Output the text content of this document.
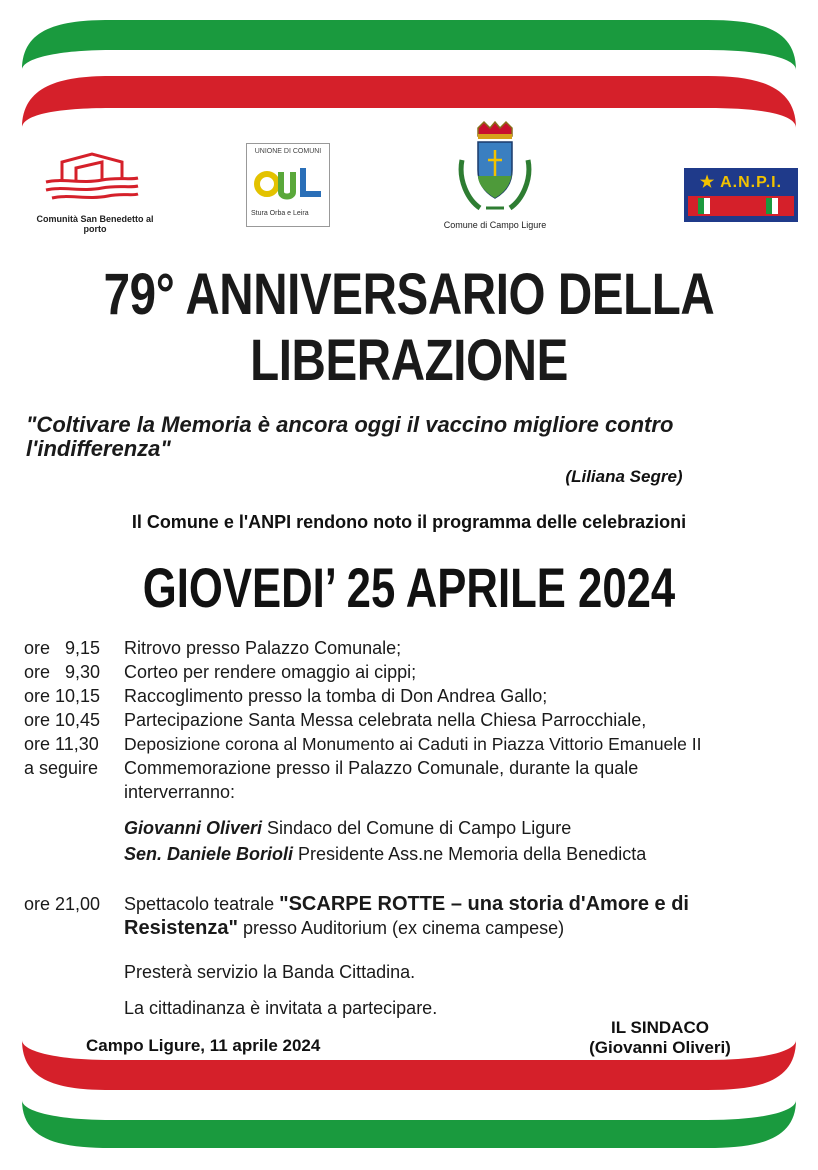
Comunità San Benedetto al porto
UNIONE DI COMUNI
Stura Orba e Leira
Comune di Campo Ligure
★ A.N.P.I.
79° ANNIVERSARIO DELLA
LIBERAZIONE
"Coltivare la Memoria è ancora oggi il vaccino migliore contro l'indifferenza"
(Liliana Segre)
Il Comune e l'ANPI rendono noto il programma delle celebrazioni
GIOVEDI’ 25 APRILE 2024
ore   9,15 Ritrovo presso Palazzo Comunale;
ore   9,30 Corteo per rendere omaggio ai cippi;
ore 10,15 Raccoglimento presso la tomba di Don Andrea Gallo;
ore 10,45 Partecipazione Santa Messa celebrata nella Chiesa Parrocchiale,
ore 11,30 Deposizione corona al Monumento ai Caduti in Piazza Vittorio Emanuele II
a seguire Commemorazione presso il Palazzo Comunale, durante la quale interverranno:
Giovanni Oliveri Sindaco del Comune di Campo Ligure
Sen. Daniele Borioli Presidente Ass.ne Memoria della Benedicta
ore 21,00 Spettacolo teatrale "SCARPE ROTTE – una storia d'Amore e di Resistenza" presso Auditorium (ex cinema campese)
Presterà servizio la Banda Cittadina.
La cittadinanza è invitata a partecipare.
Campo Ligure, 11 aprile 2024
IL SINDACO
(Giovanni Oliveri)
